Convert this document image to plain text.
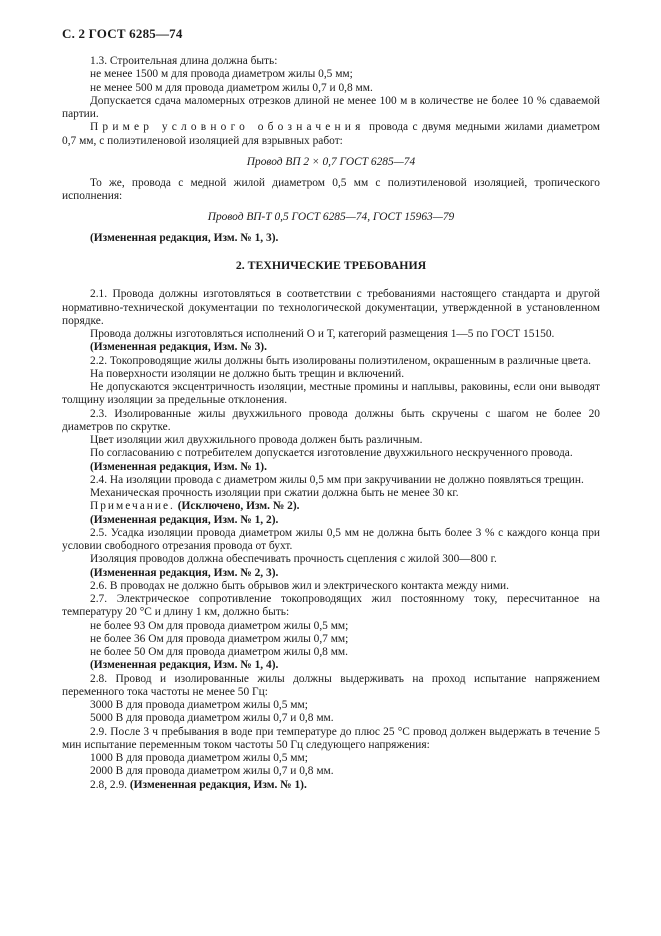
С. 2 ГОСТ 6285—74

1.3. Строительная длина должна быть:

не менее 1500 м для провода диаметром жилы 0,5 мм;

не менее 500 м для провода диаметром жилы 0,7 и 0,8 мм.

Допускается сдача маломерных отрезков длиной не менее 100 м в количестве не более 10 % сдаваемой партии.

Пример условного обозначения провода с двумя медными жилами диаметром 0,7 мм, с полиэтиленовой изоляцией для взрывных работ:

Провод ВП 2 × 0,7 ГОСТ 6285—74

То же, провода с медной жилой диаметром 0,5 мм с полиэтиленовой изоляцией, тропического исполнения:

Провод ВП-Т 0,5 ГОСТ 6285—74, ГОСТ 15963—79

(Измененная редакция, Изм. № 1, 3).

2. ТЕХНИЧЕСКИЕ ТРЕБОВАНИЯ

2.1. Провода должны изготовляться в соответствии с требованиями настоящего стандарта и другой нормативно-технической документации по технологической документации, утвержденной в установленном порядке.

Провода должны изготовляться исполнений О и Т, категорий размещения 1—5 по ГОСТ 15150.

(Измененная редакция, Изм. № 3).

2.2. Токопроводящие жилы должны быть изолированы полиэтиленом, окрашенным в различные цвета.

На поверхности изоляции не должно быть трещин и включений.

Не допускаются эксцентричность изоляции, местные промины и наплывы, раковины, если они выводят толщину изоляции за предельные отклонения.

2.3. Изолированные жилы двухжильного провода должны быть скручены с шагом не более 20 диаметров по скрутке.

Цвет изоляции жил двухжильного провода должен быть различным.

По согласованию с потребителем допускается изготовление двухжильного нескрученного провода.

(Измененная редакция, Изм. № 1).

2.4. На изоляции провода с диаметром жилы 0,5 мм при закручивании не должно появляться трещин.

Механическая прочность изоляции при сжатии должна быть не менее 30 кг.

Примечание. (Исключено, Изм. № 2).

(Измененная редакция, Изм. № 1, 2).

2.5. Усадка изоляции провода диаметром жилы 0,5 мм не должна быть более 3 % с каждого конца при условии свободного отрезания провода от бухт.

Изоляция проводов должна обеспечивать прочность сцепления с жилой 300—800 г.

(Измененная редакция, Изм. № 2, 3).

2.6. В проводах не должно быть обрывов жил и электрического контакта между ними.

2.7. Электрическое сопротивление токопроводящих жил постоянному току, пересчитанное на температуру 20 °С и длину 1 км, должно быть:

не более 93 Ом для провода диаметром жилы 0,5 мм;

не более 36 Ом для провода диаметром жилы 0,7 мм;

не более 50 Ом для провода диаметром жилы 0,8 мм.

(Измененная редакция, Изм. № 1, 4).

2.8. Провод и изолированные жилы должны выдерживать на проход испытание напряжением переменного тока частоты не менее 50 Гц:

3000 В для провода диаметром жилы 0,5 мм;

5000 В для провода диаметром жилы 0,7 и 0,8 мм.

2.9. После 3 ч пребывания в воде при температуре до плюс 25 °С провод должен выдержать в течение 5 мин испытание переменным током частоты 50 Гц следующего напряжения:

1000 В для провода диаметром жилы 0,5 мм;

2000 В для провода диаметром жилы 0,7 и 0,8 мм.

2.8, 2.9. (Измененная редакция, Изм. № 1).
